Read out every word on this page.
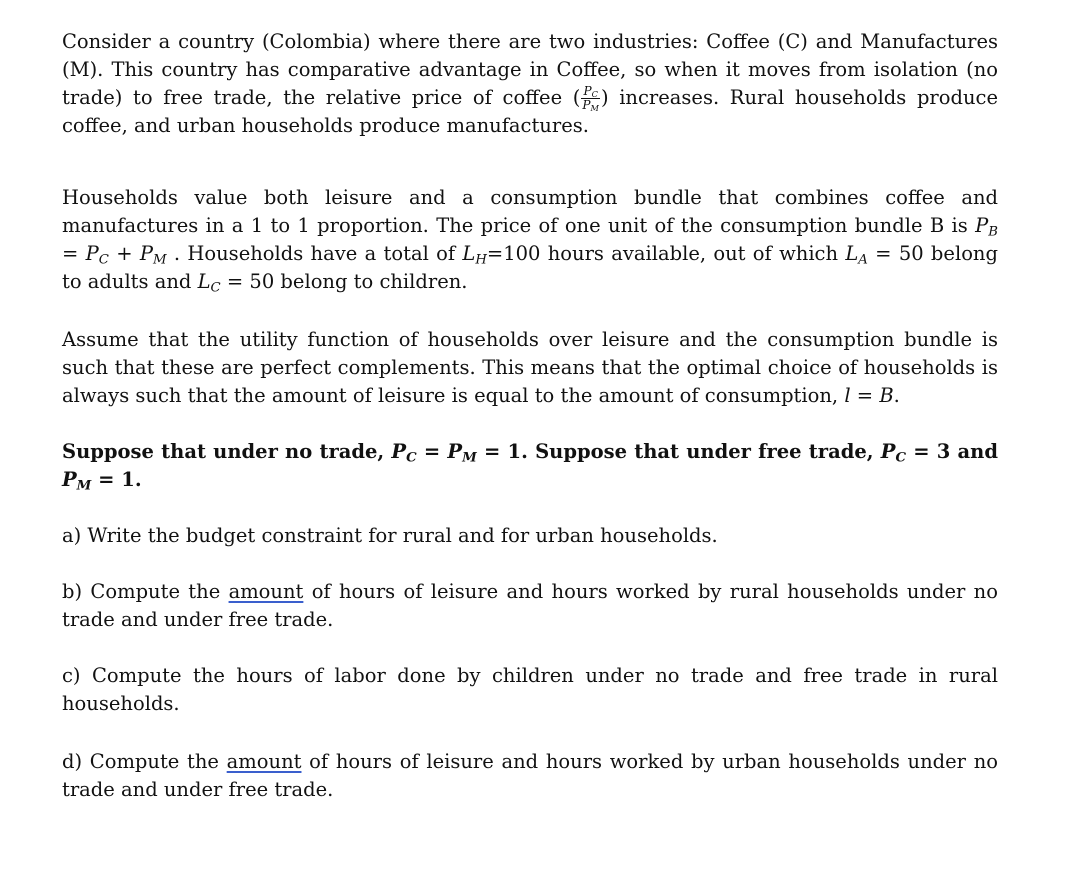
Consider a country (Colombia) where there are two industries: Coffee (C) and Manufactures (M). This country has comparative advantage in Coffee, so when it moves from isolation (no trade) to free trade, the relative price of coffee ( $\frac{P_C}{P_M}$ ) increases. Rural households produce coffee, and urban households produce manufactures.

Households value both leisure and a consumption bundle that combines coffee and manufactures in a 1 to 1 proportion. The price of one unit of the consumption bundle B is $P_B = P_C + P_M$ . Households have a total of $L_H=100$ hours available, out of which $L_A = 50$ belong to adults and $L_C = 50$ belong to children.

Assume that the utility function of households over leisure and the consumption bundle is such that these are perfect complements. This means that the optimal choice of households is always such that the amount of leisure is equal to the amount of consumption, l = B.

Suppose that under no trade, $P_C = P_M = 1$. Suppose that under free trade, $P_C = 3$ and $P_M = 1$.

a) Write the budget constraint for rural and for urban households.

b) Compute the amount of hours of leisure and hours worked by rural households under no trade and under free trade.

c) Compute the hours of labor done by children under no trade and free trade in rural households.

d) Compute the amount of hours of leisure and hours worked by urban households under no trade and under free trade.
